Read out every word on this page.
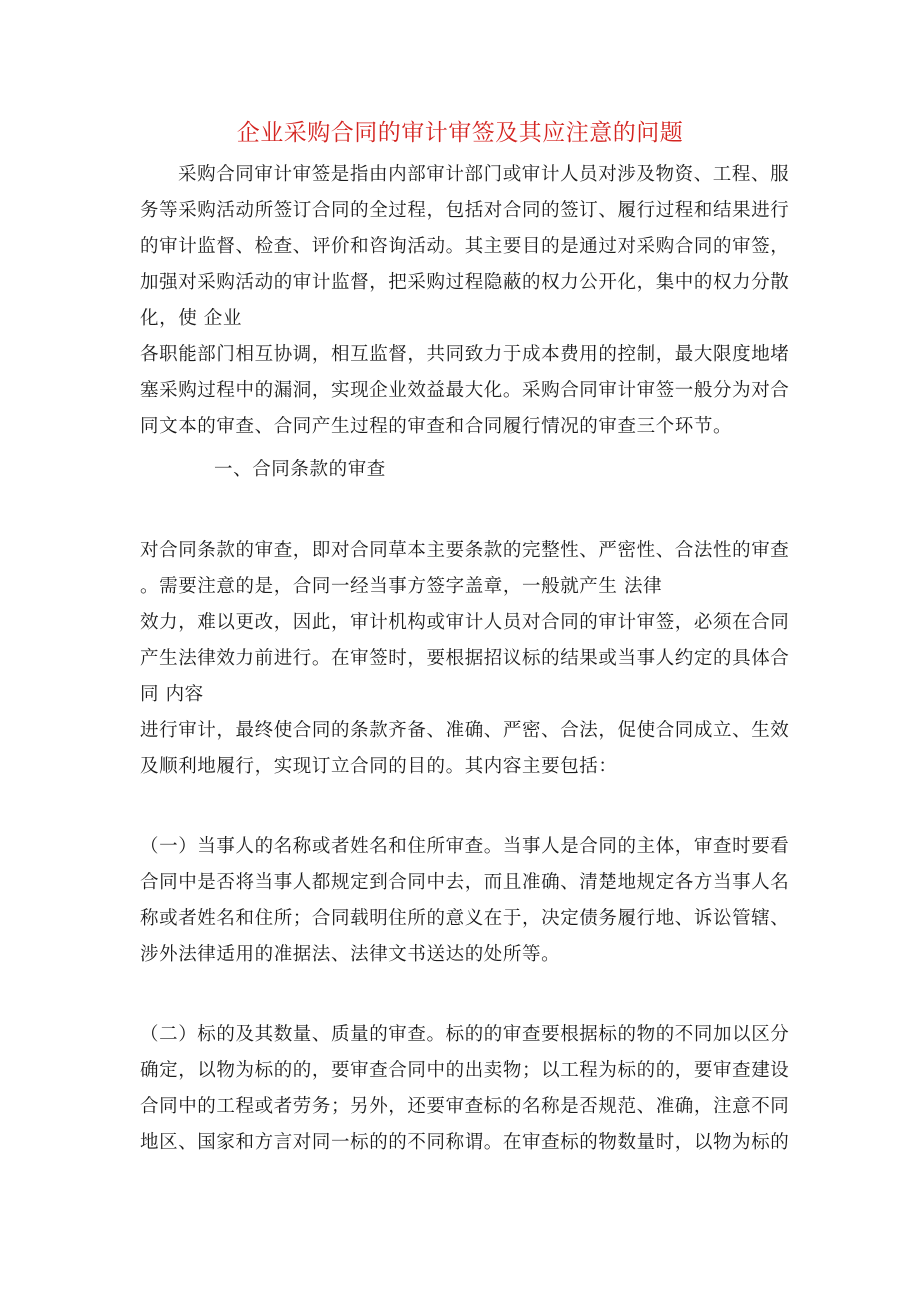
企业采购合同的审计审签及其应注意的问题

采购合同审计审签是指由内部审计部门或审计人员对涉及物资、工程、服

务等采购活动所签订合同的全过程，包括对合同的签订、履行过程和结果进行

的审计监督、检查、评价和咨询活动。其主要目的是通过对采购合同的审签，

加强对采购活动的审计监督，把采购过程隐蔽的权力公开化，集中的权力分散

化，使 企业

各职能部门相互协调，相互监督，共同致力于成本费用的控制，最大限度地堵

塞采购过程中的漏洞，实现企业效益最大化。采购合同审计审签一般分为对合

同文本的审查、合同产生过程的审查和合同履行情况的审查三个环节。

一、合同条款的审查

对合同条款的审查，即对合同草本主要条款的完整性、严密性、合法性的审查

。需要注意的是，合同一经当事方签字盖章，一般就产生 法律

效力，难以更改，因此，审计机构或审计人员对合同的审计审签，必须在合同

产生法律效力前进行。在审签时，要根据招议标的结果或当事人约定的具体合

同 内容

进行审计，最终使合同的条款齐备、准确、严密、合法，促使合同成立、生效

及顺利地履行，实现订立合同的目的。其内容主要包括：

（一）当事人的名称或者姓名和住所审查。当事人是合同的主体，审查时要看

合同中是否将当事人都规定到合同中去，而且准确、清楚地规定各方当事人名

称或者姓名和住所；合同载明住所的意义在于，决定债务履行地、诉讼管辖、

涉外法律适用的准据法、法律文书送达的处所等。

（二）标的及其数量、质量的审查。标的的审查要根据标的物的不同加以区分

确定，以物为标的的，要审查合同中的出卖物；以工程为标的的，要审查建设

合同中的工程或者劳务；另外，还要审查标的名称是否规范、准确，注意不同

地区、国家和方言对同一标的的不同称谓。在审查标的物数量时，以物为标的
